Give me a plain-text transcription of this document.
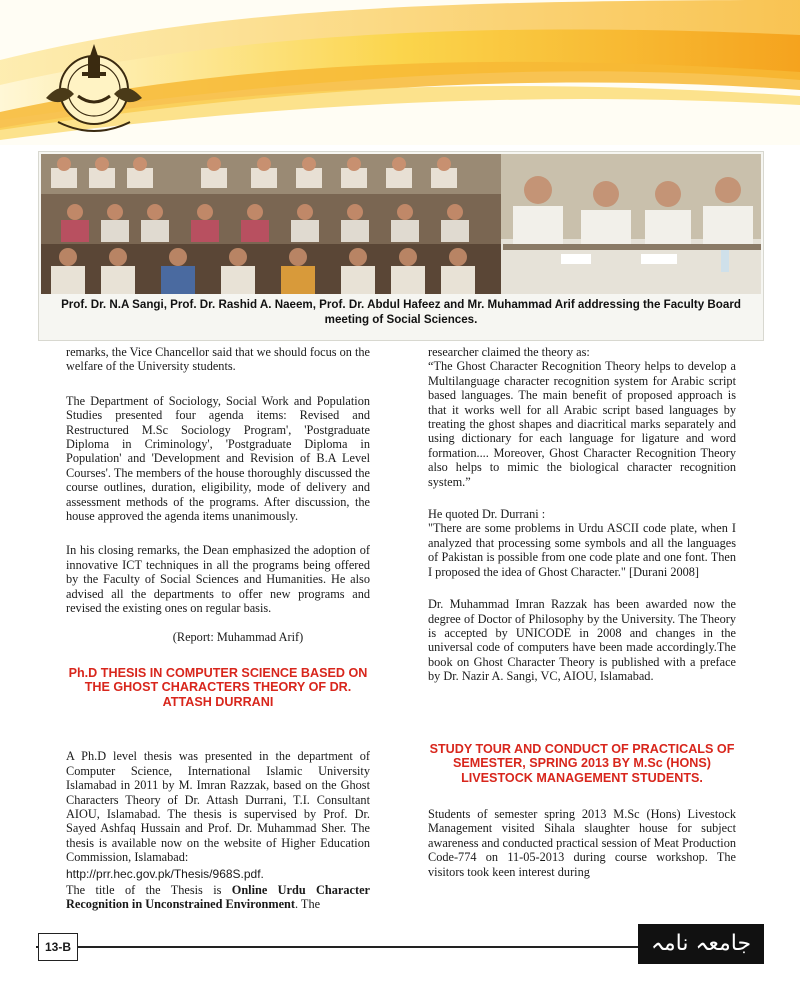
Prof. Dr. N.A Sangi, Prof. Dr. Rashid A. Naeem, Prof. Dr. Abdul Hafeez and Mr. Muhammad Arif addressing the Faculty Board meeting of Social Sciences.

remarks, the Vice Chancellor said that we should focus on the welfare of the University students.

The Department of Sociology, Social Work and Population Studies presented four agenda items: Revised and Restructured M.Sc Sociology Program', 'Postgraduate Diploma in Criminology', 'Postgraduate Diploma in Population' and 'Development and Revision of B.A Level Courses'. The members of the house thoroughly discussed the course outlines, duration, eligibility, mode of delivery and assessment methods of the programs. After discussion, the house approved the agenda items unanimously.

In his closing remarks, the Dean emphasized the adoption of innovative ICT techniques in all the programs being offered by the Faculty of Social Sciences and Humanities. He also advised all the departments to offer new programs and revised the existing ones on regular basis.

(Report: Muhammad Arif)
Ph.D THESIS IN COMPUTER SCIENCE BASED ON THE GHOST CHARACTERS THEORY OF DR. ATTASH DURRANI

A Ph.D level thesis was presented in the department of Computer Science, International Islamic University Islamabad in 2011 by M. Imran Razzak, based on the Ghost Characters Theory of Dr. Attash Durrani, T.I. Consultant AIOU, Islamabad. The thesis is supervised by Prof. Dr. Sayed Ashfaq Hussain and Prof. Dr. Muhammad Sher. The thesis is available now on the website of Higher Education Commission, Islamabad:

http://prr.hec.gov.pk/Thesis/968S.pdf.

The title of the Thesis is Online Urdu Character Recognition in Unconstrained Environment. The

researcher claimed the theory as:

“The Ghost Character Recognition Theory helps to develop a Multilanguage character recognition system for Arabic script based languages. The main benefit of proposed approach is that it works well for all Arabic script based languages by treating the ghost shapes and diacritical marks separately and using dictionary for each language for ligature and word formation.... Moreover, Ghost Character Recognition Theory also helps to mimic the biological character recognition system.”

He quoted Dr. Durrani :

"There are some problems in Urdu ASCII code plate, when I analyzed that processing some symbols and all the languages of Pakistan is possible from one code plate and one font. Then I proposed the idea of Ghost Character." [Durani 2008]

Dr. Muhammad Imran Razzak has been awarded now the degree of Doctor of Philosophy by the University. The Theory is accepted by UNICODE in 2008 and changes in the universal code of computers have been made accordingly.The book on Ghost Character Theory is published with a preface by Dr. Nazir A. Sangi, VC, AIOU, Islamabad.

STUDY TOUR AND CONDUCT OF PRACTICALS OF SEMESTER, SPRING 2013 BY M.Sc (HONS) LIVESTOCK MANAGEMENT STUDENTS.

Students of semester spring 2013 M.Sc (Hons) Livestock Management visited Sihala slaughter house for subject awareness and conducted practical session of Meat Production Code-774 on 11-05-2013 during course workshop. The visitors took keen interest during

13-B	جامعہ نامہ
